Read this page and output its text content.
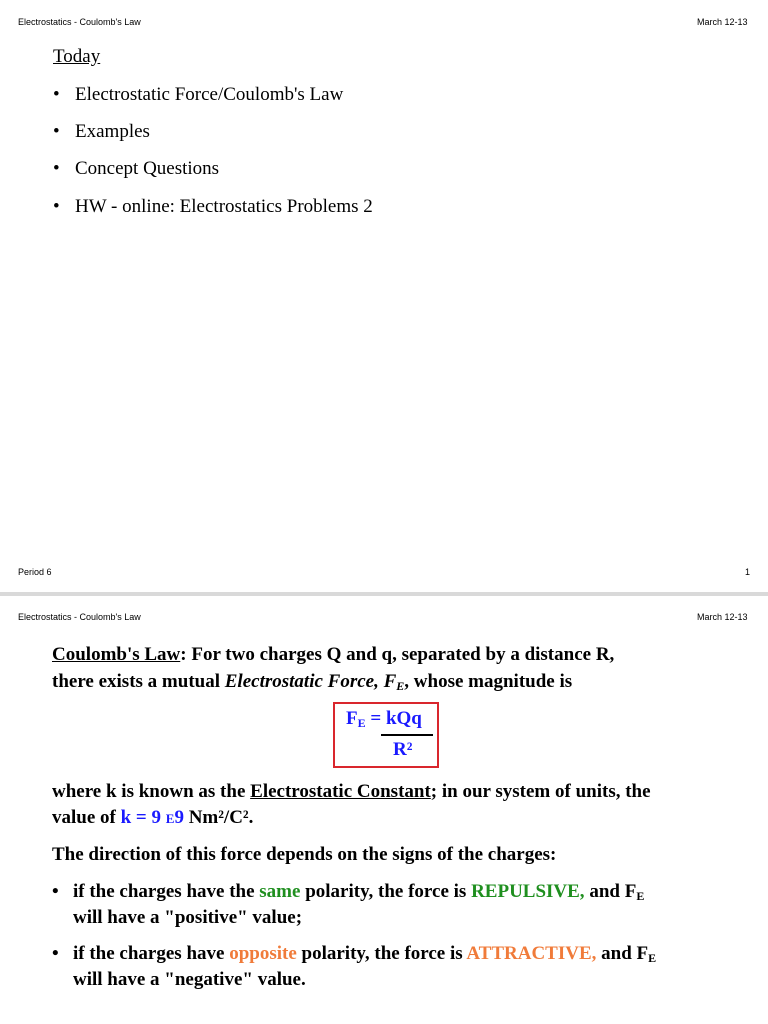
Electrostatics - Coulomb's Law	March 12-13
Today
• Electrostatic Force/Coulomb's Law
• Examples
• Concept Questions
• HW - online: Electrostatics Problems 2
Period 6	1
Electrostatics - Coulomb's Law	March 12-13
Coulomb's Law: For two charges Q and q, separated by a distance R,
there exists a mutual Electrostatic Force, $F_E$, whose magnitude is
$F_E$ = kQq
R²
where k is known as the Electrostatic Constant; in our system of units, the
value of k = 9 E9 Nm²/C².
The direction of this force depends on the signs of the charges:
• if the charges have the same polarity, the force is REPULSIVE, and $F_E$
will have a "positive" value;
• if the charges have opposite polarity, the force is ATTRACTIVE, and $F_E$
will have a "negative" value.
